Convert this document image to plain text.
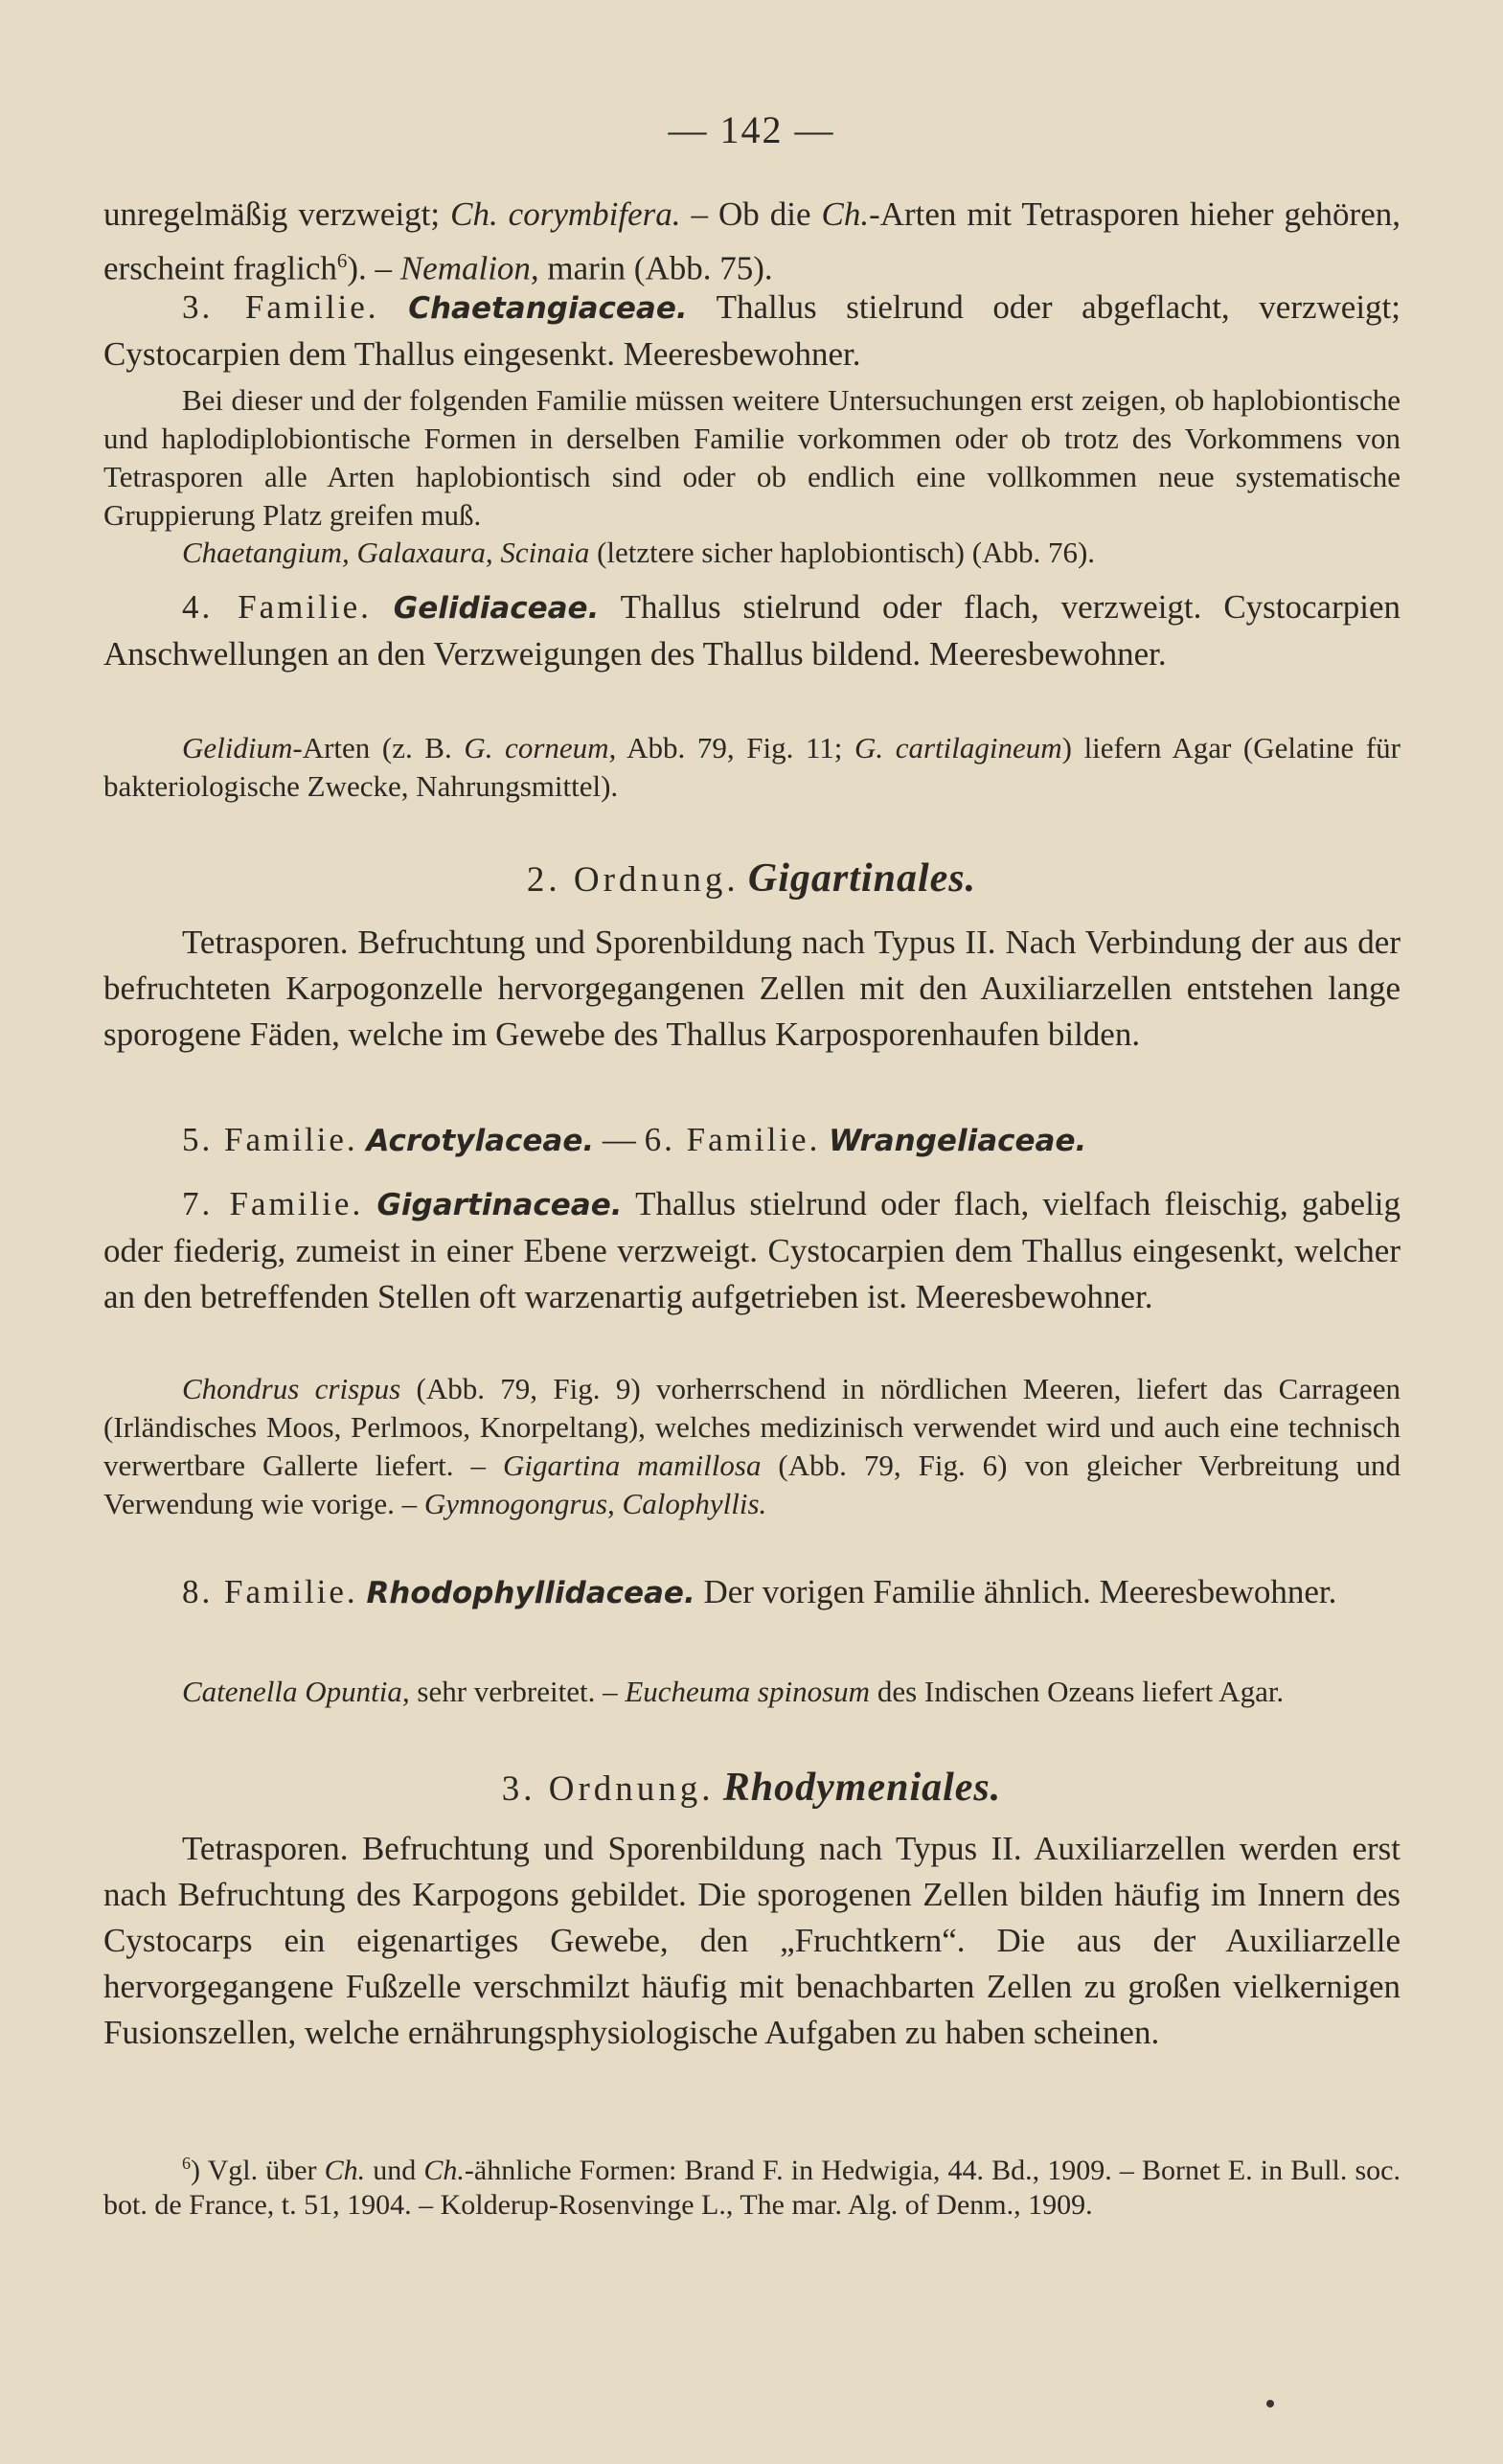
— 142 —

unregelmäßig verzweigt; Ch. corymbifera. – Ob die Ch.-Arten mit Tetrasporen hieher gehören, erscheint fraglich$^6$). – Nemalion, marin (Abb. 75).

3. Familie. Chaetangiaceae. Thallus stielrund oder abgeflacht, verzweigt; Cystocarpien dem Thallus eingesenkt. Meeresbewohner.

Bei dieser und der folgenden Familie müssen weitere Untersuchungen erst zeigen, ob haplobiontische und haplodiplobiontische Formen in derselben Familie vorkommen oder ob trotz des Vorkommens von Tetrasporen alle Arten haplobiontisch sind oder ob endlich eine vollkommen neue systematische Gruppierung Platz greifen muß.

Chaetangium, Galaxaura, Scinaia (letztere sicher haplobiontisch) (Abb. 76).

4. Familie. Gelidiaceae. Thallus stielrund oder flach, verzweigt. Cystocarpien Anschwellungen an den Verzweigungen des Thallus bildend. Meeresbewohner.

Gelidium-Arten (z. B. G. corneum, Abb. 79, Fig. 11; G. cartilagineum) liefern Agar (Gelatine für bakteriologische Zwecke, Nahrungsmittel).

2. Ordnung. Gigartinales.

Tetrasporen. Befruchtung und Sporenbildung nach Typus II. Nach Verbindung der aus der befruchteten Karpogonzelle hervorgegangenen Zellen mit den Auxiliarzellen entstehen lange sporogene Fäden, welche im Gewebe des Thallus Karposporenhaufen bilden.

5. Familie. Acrotylaceae. — 6. Familie. Wrangeliaceae.

7. Familie. Gigartinaceae. Thallus stielrund oder flach, vielfach fleischig, gabelig oder fiederig, zumeist in einer Ebene verzweigt. Cystocarpien dem Thallus eingesenkt, welcher an den betreffenden Stellen oft warzenartig aufgetrieben ist. Meeresbewohner.

Chondrus crispus (Abb. 79, Fig. 9) vorherrschend in nördlichen Meeren, liefert das Carrageen (Irländisches Moos, Perlmoos, Knorpeltang), welches medizinisch verwendet wird und auch eine technisch verwertbare Gallerte liefert. – Gigartina mamillosa (Abb. 79, Fig. 6) von gleicher Verbreitung und Verwendung wie vorige. – Gymnogongrus, Calophyllis.

8. Familie. Rhodophyllidaceae. Der vorigen Familie ähnlich. Meeresbewohner.

Catenella Opuntia, sehr verbreitet. – Eucheuma spinosum des Indischen Ozeans liefert Agar.

3. Ordnung. Rhodymeniales.

Tetrasporen. Befruchtung und Sporenbildung nach Typus II. Auxiliarzellen werden erst nach Befruchtung des Karpogons gebildet. Die sporogenen Zellen bilden häufig im Innern des Cystocarps ein eigenartiges Gewebe, den „Fruchtkern“. Die aus der Auxiliarzelle hervorgegangene Fußzelle verschmilzt häufig mit benachbarten Zellen zu großen vielkernigen Fusionszellen, welche ernährungsphysiologische Aufgaben zu haben scheinen.

$^6$) Vgl. über Ch. und Ch.-ähnliche Formen: Brand F. in Hedwigia, 44. Bd., 1909. – Bornet E. in Bull. soc. bot. de France, t. 51, 1904. – Kolderup-Rosenvinge L., The mar. Alg. of Denm., 1909.
